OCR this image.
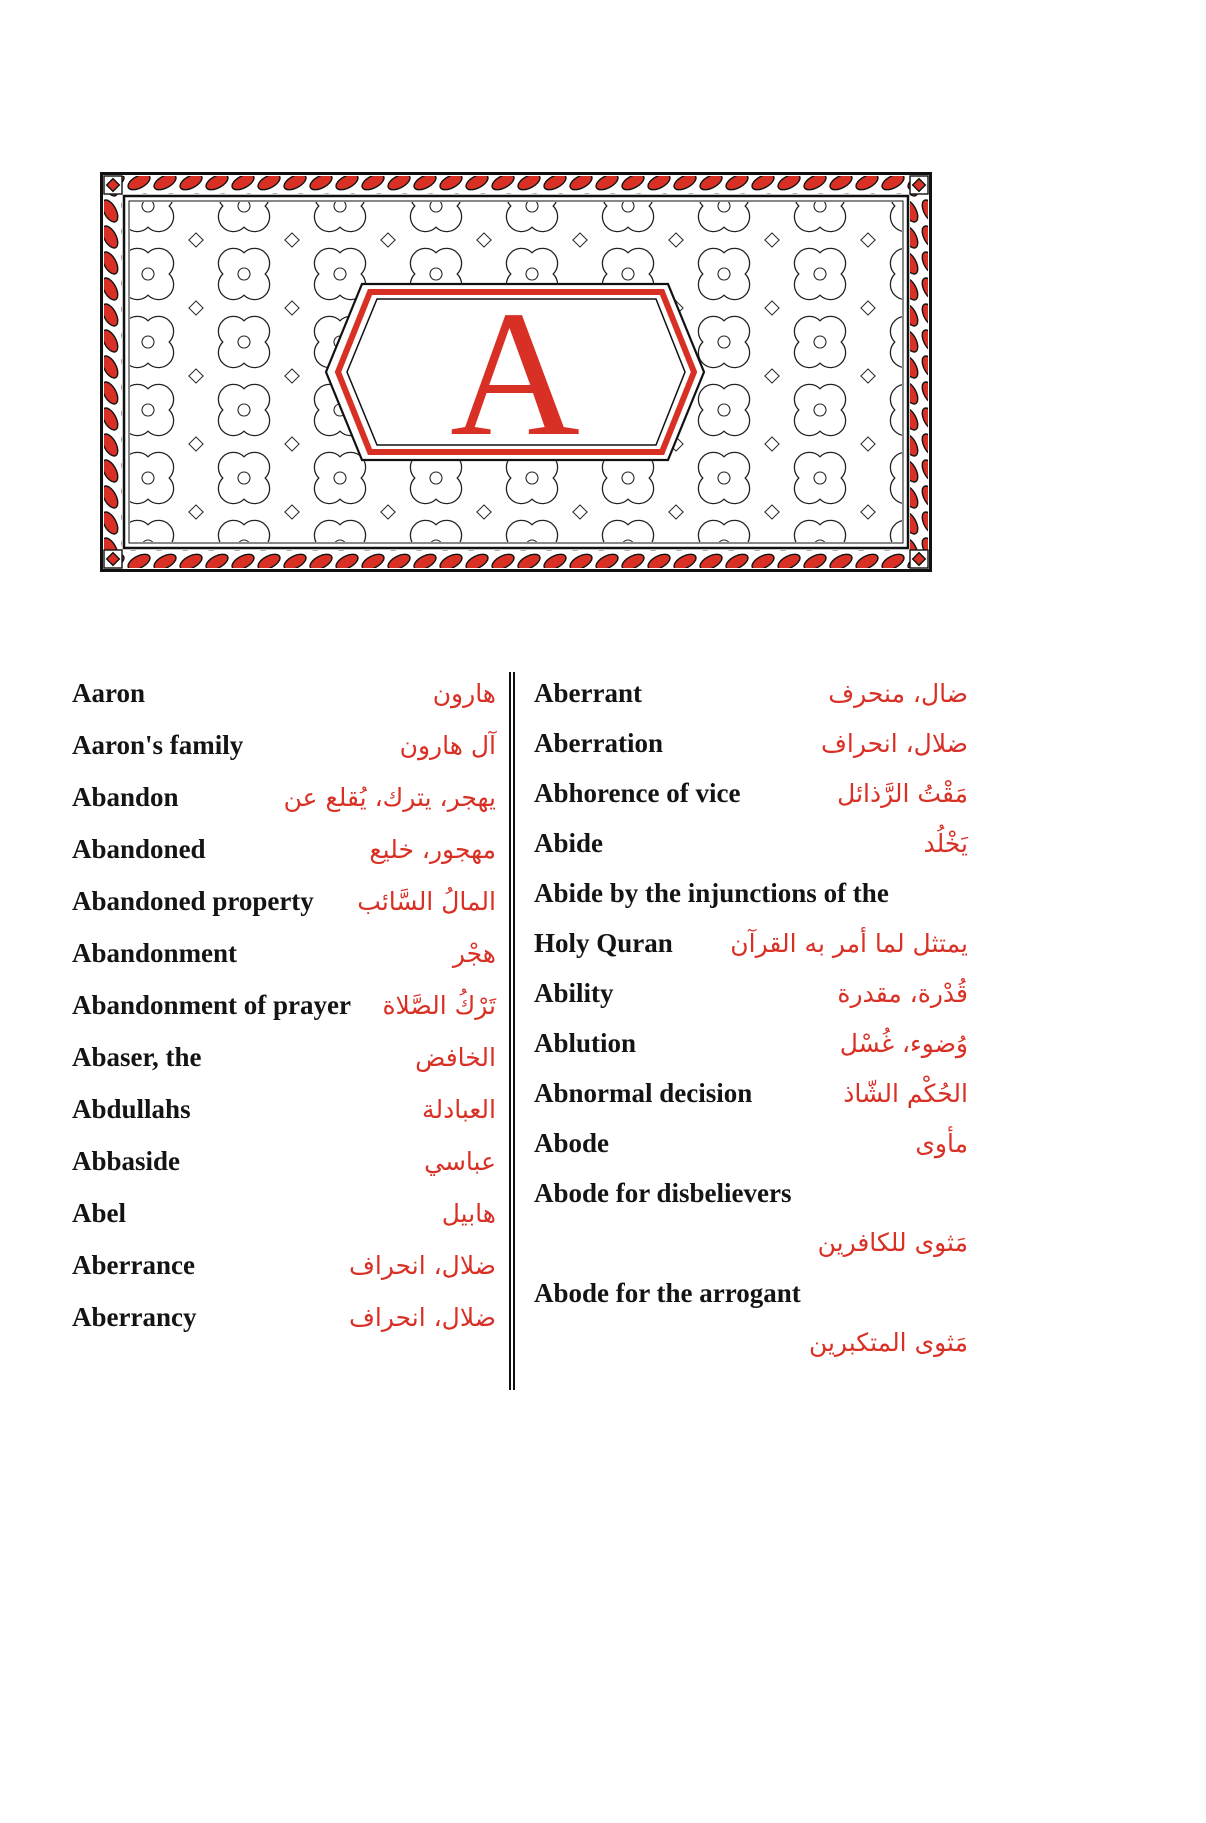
A
Aaron	هارون
Aaron's family	آل هارون
Abandon	يهجر، يترك، يُقلع عن
Abandoned	مهجور، خليع
Abandoned property المالُ السَّائب
Abandonment	هجْر
Abandonment of prayer تَرْكُ الصَّلاة
Abaser, the	الخافض
Abdullahs	العبادلة
Abbaside	عباسي
Abel	هابيل
Aberrance	ضلال، انحراف
Aberrancy	ضلال، انحراف
Aberrant	ضال، منحرف
Aberration	ضلال، انحراف
Abhorence of vice	مَقْتُ الرَّذائل
Abide	يَخْلُد
Abide by the injunctions of the
Holy Quran يمتثل لما أمر به القرآن
Ability	قُدْرة، مقدرة
Ablution	وُضوء، غُسْل
Abnormal decision	الحُكْم الشّاذ
Abode	مأوى
Abode for disbelievers
مَثوى للكافرين
Abode for the arrogant
مَثوى المتكبرين
